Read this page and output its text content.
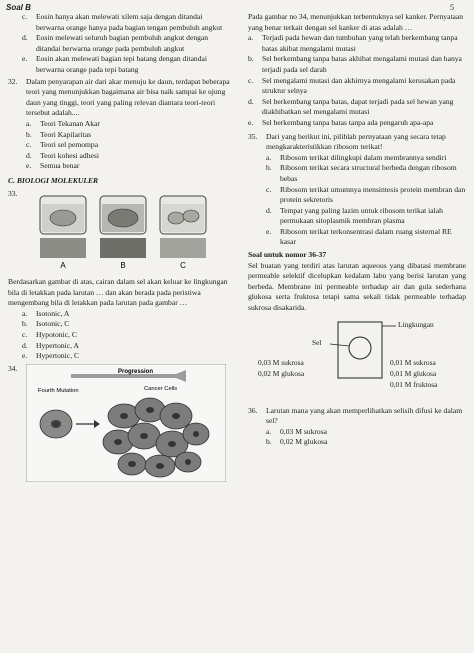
Soal B	5
c.	Eosin hanya akan melewati xilem saja dengan ditandai berwarna orange hanya pada bagian tengan pembuluh angkut
d.	Eosin melewati seluruh bagian pembuluh angkut dengan ditandai berwarna orange pada pembuluh angkut
e.	Eosin akan melewati bagian tepi batang dengan ditandai berwarna orange pada tepi batang
32.	Dalam penyarapan air dari akar menuju ke daun, terdapat beberapa teori yang menunjukkan bagaimana air bisa naik sampai ke ujung daun yang tinggi, teori yang paling relevan diantara teori-teori tersebut adalah....
a.	Teori Tekanan Akar
b.	Teori Kapilaritas
c.	Teori sel pemompa
d.	Teori kohesi adhesi
e.	Semua benar
C. BIOLOGI MOLEKULER
33.
A	B	C
Berdasarkan gambar di atas, cairan dalam sel akan keluar ke lingkungan bila di letakkan pada larutan … dan akan berada pada peristiwa mengembang bila di letakkan pada larutan pada gambar …
a.	Isotonic, A
b.	Isotonic, C
c.	Hypotonic, C
d.	Hypertonic, A
e.	Hypertonic, C
34.	Progression
Fourth Mutation	Cancer Cells
Pada gambar no 34, menunjukkan terbentuknya sel kanker. Pernyataan yang benar terkait dengan sel kanker di atas adalah …
a.	Terjadi pada hewan dan tumbuhan yang telah berkembang tanpa batas akibat mengalami mutasi
b.	Sel berkembang tanpa batas akhibat mengalami mutasi dan hanya terjadi pada sel darah
c.	Sel mengalami mutasi dan akhirnya mengalami kerusakan pada struktur selnya
d.	Sel berkembang tanpa batas, dapat terjadi pada sel hewan yang diakhibatkan sel mengalami mutasi
e.	Sel berkembang tanpa batas tanpa ada pengaruh apa-apa
35.	Dari yang berikut ini, pilihlah pernyataan yang secara tetap mengkarakteristikkan ribosom terikat!
a.	Ribosom terikat dilingkupi dalam membrannya sendiri
b.	Ribosom terikat secara structural berbeda dengan ribosom bebas
c.	Ribosom terikat umumnya mensintesis protein membran dan protein sekretoris
d.	Tempat yang paling lazim untuk ribosom terikat ialah permukaan sitoplasmik membran plasma
e.	Ribosom terikat terkonsentrasi dalam ruang sisternal RE kasar
Soal untuk nomor 36-37
Sel buatan yang terdiri atas larutan aqueous yang dibatasi membrane permeable selektif dicelupkan kedalam labu yang berisi larutan yang berbeda. Membrane ini permeable terhadap air dan gula sederhana glukosa serta fruktosa tetapi sama sekali tidak permeable terhadap sukrosa disakarida.
Lingkungan
Sel
0,03 M sukrosa
0,02 M glukosa
0,01 M sukrosa
0,01 M glukosa
0,01 M fruktosa
36.	Larutan mana yang akan memperlihatkan selisih difusi ke dalam sel?
a.	0,03 M sukrosa
b.	0,02 M glukosa
